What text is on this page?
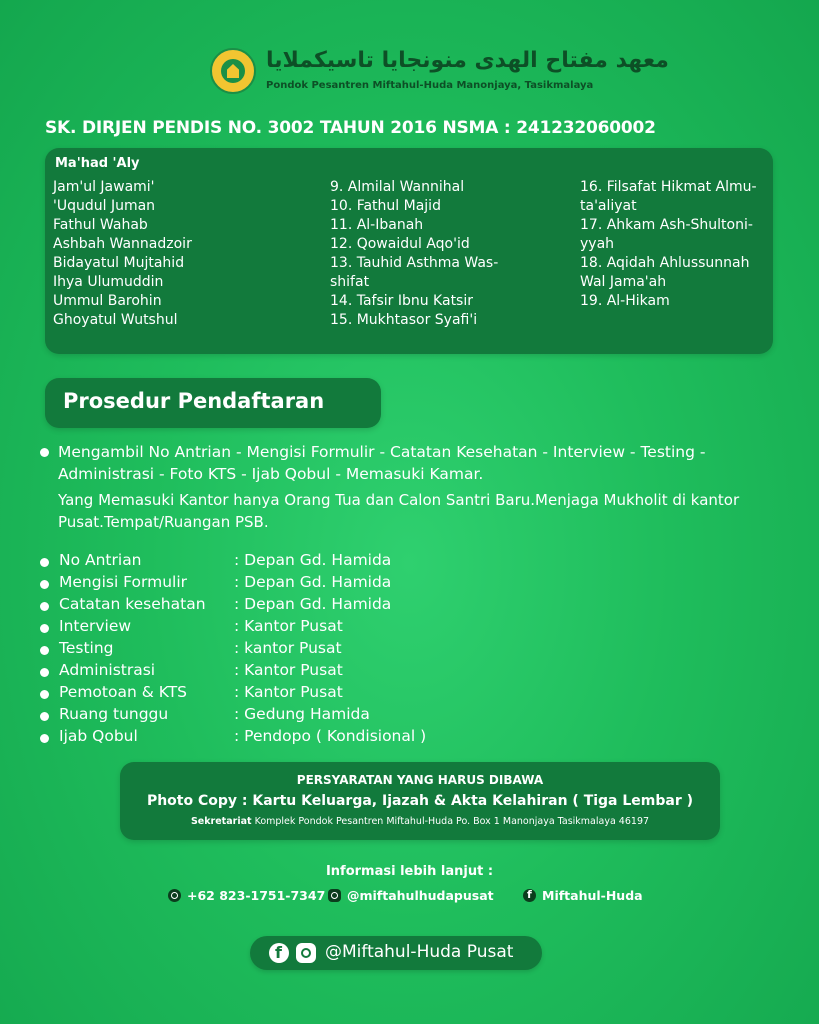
معهد مفتاح الهدى منونجايا تاسيكملايا
Pondok Pesantren Miftahul-Huda Manonjaya, Tasikmalaya
SK. DIRJEN PENDIS NO. 3002 TAHUN 2016 NSMA : 241232060002
Ma'had 'Aly
Jam'ul Jawami'
'Uqudul Juman
Fathul Wahab
Ashbah Wannadzoir
Bidayatul Mujtahid
Ihya Ulumuddin
Ummul Barohin
Ghoyatul Wutshul
9. Almilal Wannihal
10. Fathul Majid
11. Al-Ibanah
12. Qowaidul Aqo'id
13. Tauhid Asthma Was-
shifat
14. Tafsir Ibnu Katsir
15. Mukhtasor Syafi'i
16. Filsafat Hikmat Almu-
ta'aliyat
17. Ahkam Ash-Shultoni-
yyah
18. Aqidah Ahlussunnah
Wal Jama'ah
19. Al-Hikam
Prosedur Pendaftaran
Mengambil No Antrian - Mengisi Formulir - Catatan Kesehatan - Interview - Testing - Administrasi - Foto KTS - Ijab Qobul - Memasuki Kamar.
Yang Memasuki Kantor hanya Orang Tua dan Calon Santri Baru.Menjaga Mukholit di kantor Pusat.Tempat/Ruangan PSB.
No Antrian	: Depan Gd. Hamida
Mengisi Formulir	: Depan Gd. Hamida
Catatan kesehatan : Depan Gd. Hamida
Interview	: Kantor Pusat
Testing	: kantor Pusat
Administrasi	: Kantor Pusat
Pemotoan & KTS	: Kantor Pusat
Ruang tunggu	: Gedung Hamida
Ijab Qobul	: Pendopo ( Kondisional )
PERSYARATAN YANG HARUS DIBAWA
Photo Copy : Kartu Keluarga, Ijazah & Akta Kelahiran ( Tiga Lembar )
Sekretariat Komplek Pondok Pesantren Miftahul-Huda Po. Box 1 Manonjaya Tasikmalaya 46197
Informasi lebih lanjut :
+62 823-1751-7347	@miftahulhudapusat
f	Miftahul-Huda
f
@Miftahul-Huda Pusat
